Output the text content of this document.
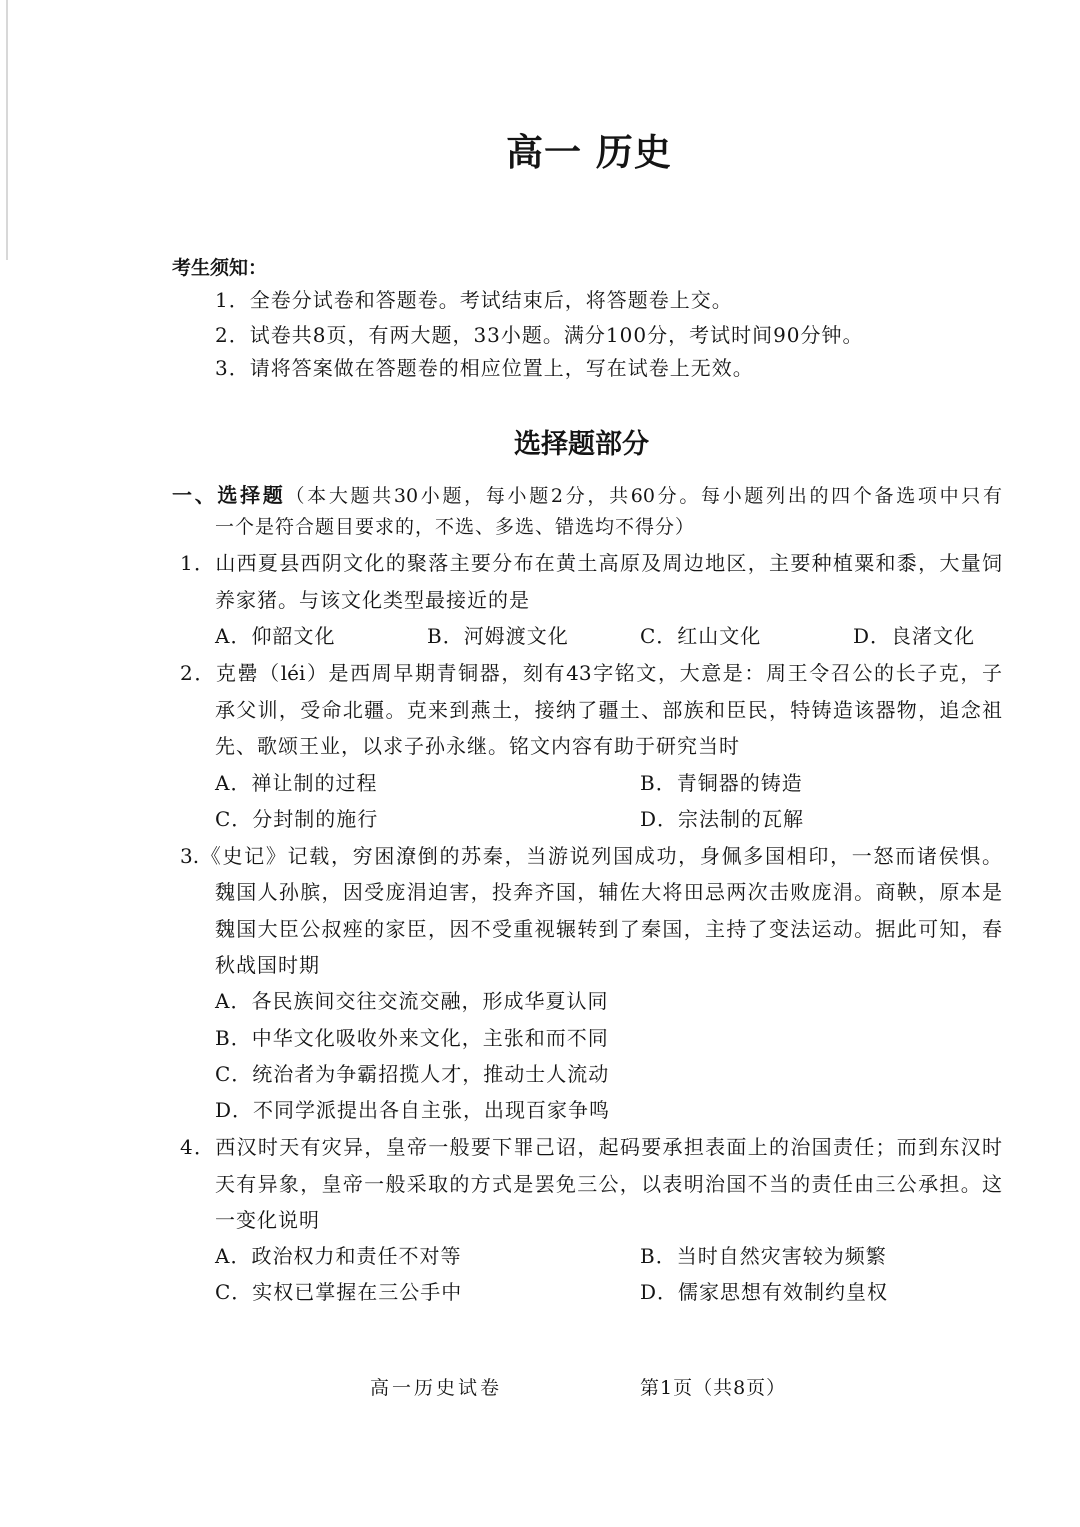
高一 历史
考生须知：
1．全卷分试卷和答题卷。考试结束后，将答题卷上交。
2．试卷共8页，有两大题，33小题。满分100分，考试时间90分钟。
3．请将答案做在答题卷的相应位置上，写在试卷上无效。
选择题部分
一、选择题（本大题共30小题，每小题2分，共60分。每小题列出的四个备选项中只有
一个是符合题目要求的，不选、多选、错选均不得分）
1．山西夏县西阴文化的聚落主要分布在黄土高原及周边地区，主要种植粟和黍，大量饲
养家猪。与该文化类型最接近的是
A．仰韶文化	B．河姆渡文化	C．红山文化	D．良渚文化
2．克罍（léi）是西周早期青铜器，刻有43字铭文，大意是：周王令召公的长子克，子
承父训，受命北疆。克来到燕土，接纳了疆土、部族和臣民，特铸造该器物，追念祖
先、歌颂王业，以求子孙永继。铭文内容有助于研究当时
A．禅让制的过程	B．青铜器的铸造
C．分封制的施行	D．宗法制的瓦解
3.《史记》记载，穷困潦倒的苏秦，当游说列国成功，身佩多国相印，一怒而诸侯惧。
魏国人孙膑，因受庞涓迫害，投奔齐国，辅佐大将田忌两次击败庞涓。商鞅，原本是
魏国大臣公叔痤的家臣，因不受重视辗转到了秦国，主持了变法运动。据此可知，春
秋战国时期
A．各民族间交往交流交融，形成华夏认同
B．中华文化吸收外来文化，主张和而不同
C．统治者为争霸招揽人才，推动士人流动
D．不同学派提出各自主张，出现百家争鸣
4．西汉时天有灾异，皇帝一般要下罪己诏，起码要承担表面上的治国责任；而到东汉时
天有异象，皇帝一般采取的方式是罢免三公，以表明治国不当的责任由三公承担。这
一变化说明
A．政治权力和责任不对等	B．当时自然灾害较为频繁
C．实权已掌握在三公手中	D．儒家思想有效制约皇权
高一历史试卷	第1页（共8页）
